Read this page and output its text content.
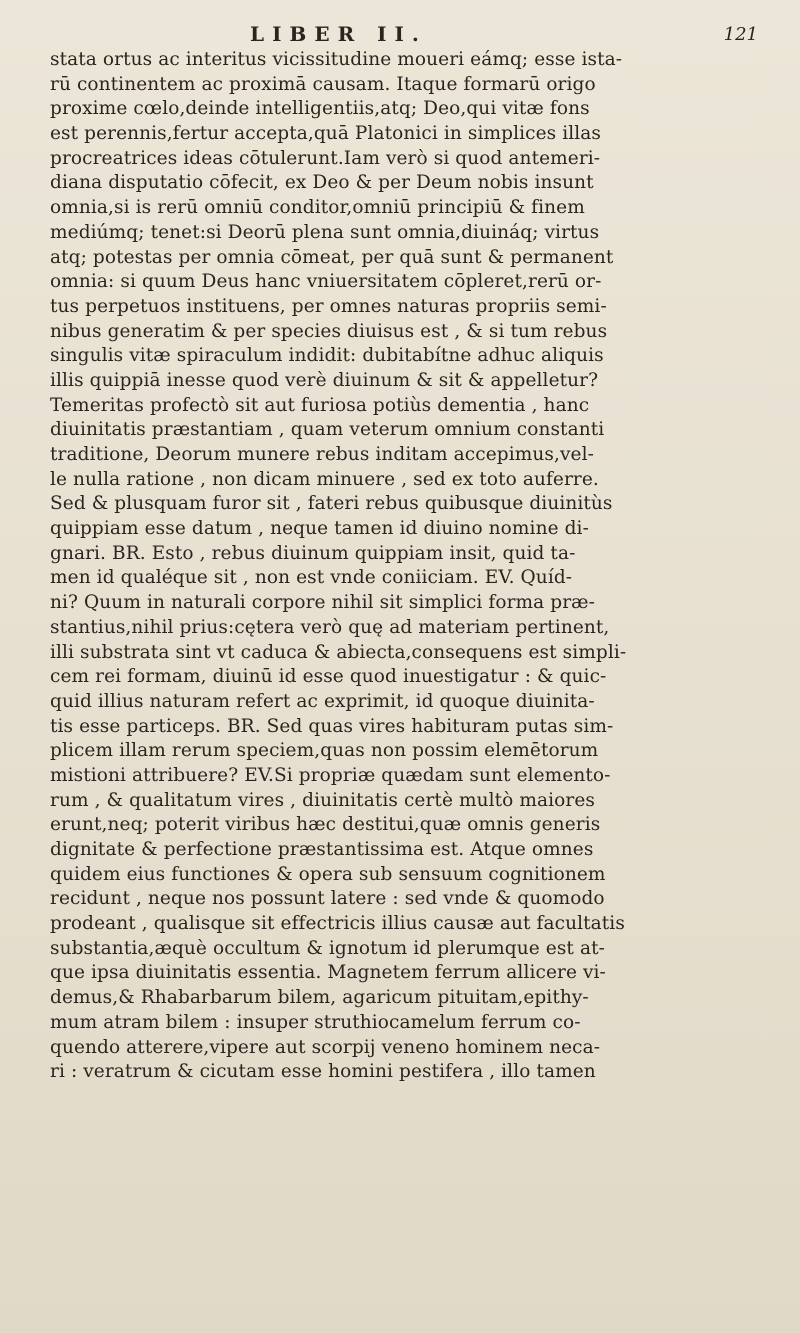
LIBER II.	121
stata ortus ac interitus vicissitudine moueri eámq; esse ista-
rū continentem ac proximā causam. Itaque formarū origo
proxime cœlo,deinde intelligentiis,atq; Deo,qui vitæ fons
est perennis,fertur accepta,quā Platonici in simplices illas
procreatrices ideas cōtulerunt.Iam verò si quod antemeri-
diana disputatio cōfecit, ex Deo & per Deum nobis insunt
omnia,si is rerū omniū conditor,omniū principiū & finem
mediúmq; tenet:si Deorū plena sunt omnia,diuináq; virtus
atq; potestas per omnia cōmeat, per quā sunt & permanent
omnia: si quum Deus hanc vniuersitatem cōpleret,rerū or-
tus perpetuos instituens, per omnes naturas propriis semi-
nibus generatim & per species diuisus est , & si tum rebus
singulis vitæ spiraculum indidit: dubitabítne adhuc aliquis
illis quippiā inesse quod verè diuinum & sit & appelletur?
Temeritas profectò sit aut furiosa potiùs dementia , hanc
diuinitatis præstantiam , quam veterum omnium constanti
traditione, Deorum munere rebus inditam accepimus,vel-
le nulla ratione , non dicam minuere , sed ex toto auferre.
Sed & plusquam furor sit , fateri rebus quibusque diuinitùs
quippiam esse datum , neque tamen id diuino nomine di-
gnari. BR. Esto , rebus diuinum quippiam insit, quid ta-
men id qualéque sit , non est vnde coniiciam. EV. Quíd-
ni? Quum in naturali corpore nihil sit simplici forma præ-
stantius,nihil prius:cętera verò quę ad materiam pertinent,
illi substrata sint vt caduca & abiecta,consequens est simpli-
cem rei formam, diuinū id esse quod inuestigatur : & quic-
quid illius naturam refert ac exprimit, id quoque diuinita-
tis esse particeps. BR. Sed quas vires habituram putas sim-
plicem illam rerum speciem,quas non possim elemētorum
mistioni attribuere? EV.Si propriæ quædam sunt elemento-
rum , & qualitatum vires , diuinitatis certè multò maiores
erunt,neq; poterit viribus hæc destitui,quæ omnis generis
dignitate & perfectione præstantissima est. Atque omnes
quidem eius functiones & opera sub sensuum cognitionem
recidunt , neque nos possunt latere : sed vnde & quomodo
prodeant , qualisque sit effectricis illius causæ aut facultatis
substantia,æquè occultum & ignotum id plerumque est at-
que ipsa diuinitatis essentia. Magnetem ferrum allicere vi-
demus,& Rhabarbarum bilem, agaricum pituitam,epithy-
mum atram bilem : insuper struthiocamelum ferrum co-
quendo atterere,vipere aut scorpij veneno hominem neca-
ri : veratrum & cicutam esse homini pestifera , illo tamen
